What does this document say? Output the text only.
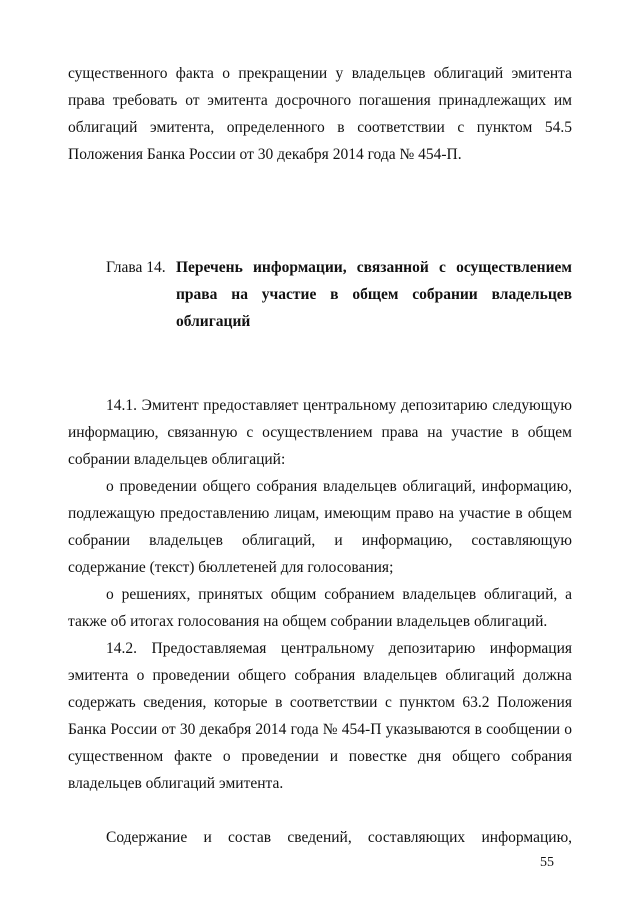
существенного факта о прекращении у владельцев облигаций эмитента
права требовать от эмитента досрочного погашения принадлежащих им
облигаций эмитента, определенного в соответствии с пунктом 54.5
Положения Банка России от 30 декабря 2014 года № 454-П.
Глава 14. Перечень информации, связанной с осуществлением
права на участие в общем собрании владельцев
облигаций
14.1. Эмитент предоставляет центральному депозитарию следующую
информацию, связанную с осуществлением права на участие в общем
собрании владельцев облигаций:
о проведении общего собрания владельцев облигаций, информацию,
подлежащую предоставлению лицам, имеющим право на участие в общем
собрании владельцев облигаций, и информацию, составляющую
содержание (текст) бюллетеней для голосования;
о решениях, принятых общим собранием владельцев облигаций, а
также об итогах голосования на общем собрании владельцев облигаций.
14.2. Предоставляемая центральному депозитарию информация
эмитента о проведении общего собрания владельцев облигаций должна
содержать сведения, которые в соответствии с пунктом 63.2 Положения
Банка России от 30 декабря 2014 года № 454-П указываются в сообщении о
существенном факте о проведении и повестке дня общего собрания
владельцев облигаций эмитента.
Содержание и состав сведений, составляющих информацию,
55
